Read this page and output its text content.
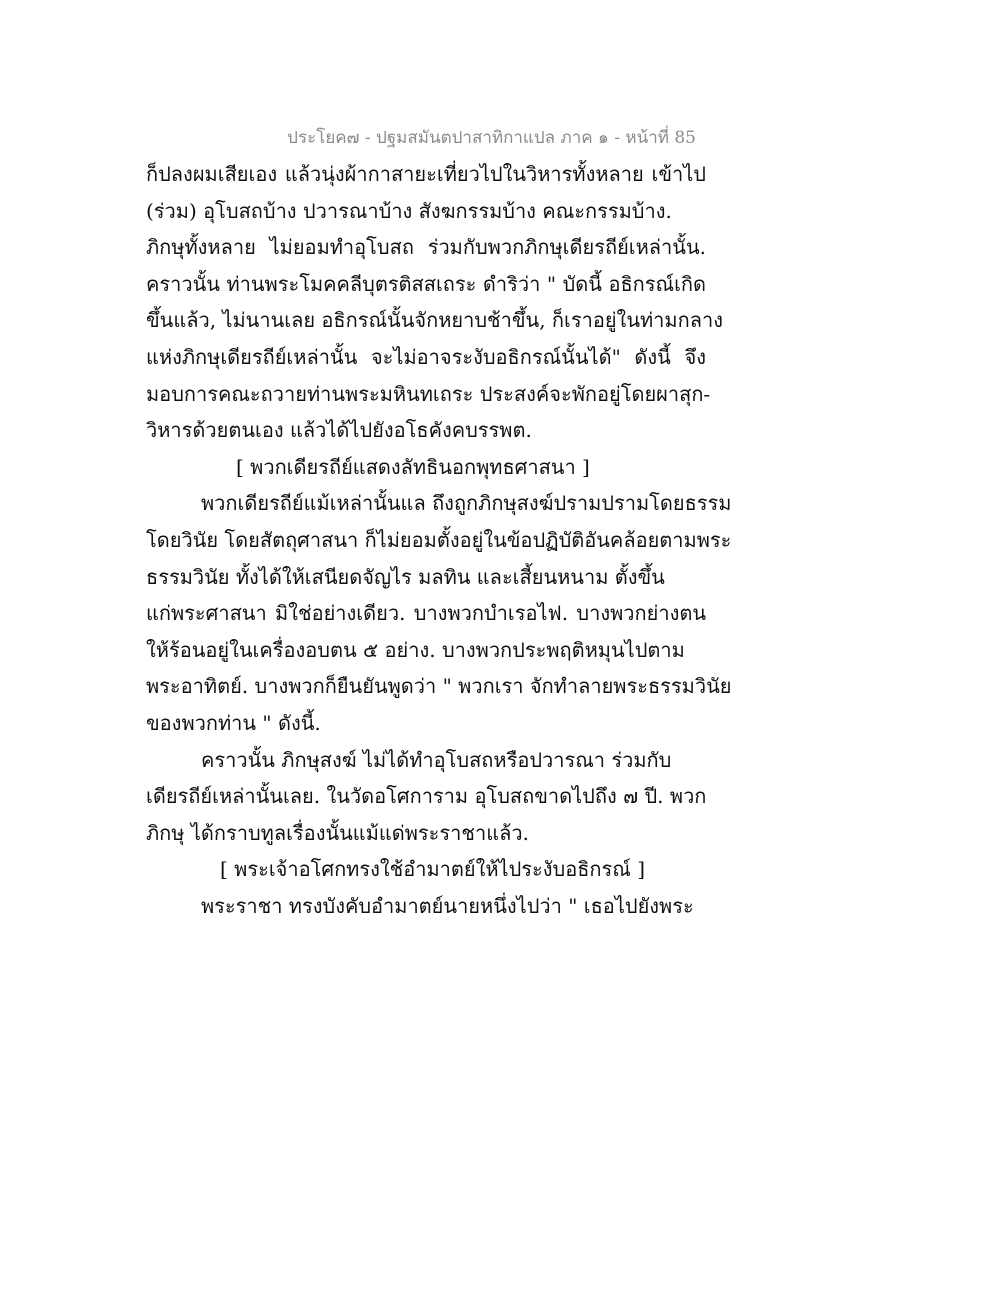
ประโยค๗ - ปฐมสมันตปาสาทิกาแปล ภาค ๑ - หน้าที่ 85
ก็ปลงผมเสียเอง แล้วนุ่งผ้ากาสายะเที่ยวไปในวิหารทั้งหลาย เข้าไป
(ร่วม) อุโบสถบ้าง ปวารณาบ้าง สังฆกรรมบ้าง คณะกรรมบ้าง.
ภิกษุทั้งหลาย ไม่ยอมทำอุโบสถ ร่วมกับพวกภิกษุเดียรถีย์เหล่านั้น.
คราวนั้น ท่านพระโมคคลีบุตรติสสเถระ ดำริว่า " บัดนี้ อธิกรณ์เกิด
ขึ้นแล้ว, ไม่นานเลย อธิกรณ์นั้นจักหยาบช้าขึ้น, ก็เราอยู่ในท่ามกลาง
แห่งภิกษุเดียรถีย์เหล่านั้น จะไม่อาจระงับอธิกรณ์นั้นได้" ดังนี้ จึง
มอบการคณะถวายท่านพระมหินทเถระ ประสงค์จะพักอยู่โดยผาสุก-
วิหารด้วยตนเอง แล้วได้ไปยังอโธคังคบรรพต.
[ พวกเดียรถีย์แสดงลัทธินอกพุทธศาสนา ]
พวกเดียรถีย์แม้เหล่านั้นแล ถึงถูกภิกษุสงฆ์ปรามปรามโดยธรรม
โดยวินัย โดยสัตถุศาสนา ก็ไม่ยอมตั้งอยู่ในข้อปฏิบัติอันคล้อยตามพระ
ธรรมวินัย ทั้งได้ให้เสนียดจัญไร มลทิน และเสี้ยนหนาม ตั้งขึ้น
แก่พระศาสนา มิใช่อย่างเดียว. บางพวกบำเรอไฟ. บางพวกย่างตน
ให้ร้อนอยู่ในเครื่องอบตน ๕ อย่าง. บางพวกประพฤติหมุนไปตาม
พระอาทิตย์. บางพวกก็ยืนยันพูดว่า " พวกเรา จักทำลายพระธรรมวินัย
ของพวกท่าน " ดังนี้.
คราวนั้น ภิกษุสงฆ์ ไม่ได้ทำอุโบสถหรือปวารณา ร่วมกับ
เดียรถีย์เหล่านั้นเลย. ในวัดอโศการาม อุโบสถขาดไปถึง ๗ ปี. พวก
ภิกษุ ได้กราบทูลเรื่องนั้นแม้แด่พระราชาแล้ว.
[ พระเจ้าอโศกทรงใช้อำมาตย์ให้ไประงับอธิกรณ์ ]
พระราชา ทรงบังคับอำมาตย์นายหนึ่งไปว่า " เธอไปยังพระ
